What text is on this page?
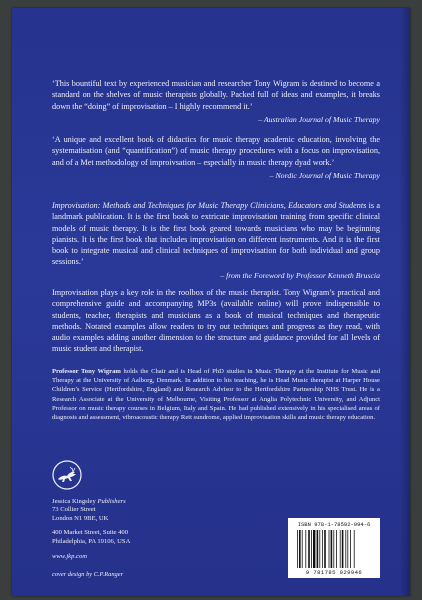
‘This bountiful text by experienced musician and researcher Tony Wigram is destined to become a standard on the shelves of music therapists globally. Packed full of ideas and examples, it breaks down the “doing” of improvisation – I highly recommend it.’
– Australian Journal of Music Therapy
‘A unique and excellent book of didactics for music therapy academic education, involving the systematisation (and “quantification”) of music therapy procedures with a focus on improvisation, and of a Met methodology of improivsation – especially in music therapy dyad work.’
– Nordic Journal of Music Therapy
Improvisation: Methods and Techniques for Music Therapy Clinicians, Educators and Students is a landmark publication. It is the first book to extricate improvisation training from specific clinical models of music therapy. It is the first book geared towards musicians who may be beginning pianists. It is the first book that includes improvisation on different instruments. And it is the first book to integrate musical and clinical techniques of improvisation for both individual and group sessions.’
– from the Foreword by Professor Kenneth Bruscia
Improvisation plays a key role in the roolbox of the music therapist. Tony Wigram’s practical and comprehensive guide and accompanying MP3s (available online) will prove indispensible to students, teacher, therapists and musicians as a book of musical techniques and therapeutic methods. Notated examples allow readers to try out techniques and progress as they read, with audio examples adding another dimension to the structure and guidance provided for all levels of music student and therapist.
Professor Tony Wigram holds the Chair and is Head of PhD studies in Music Therapy at the Institute for Music and Therapy at the University of Aalborg, Denmark. In addition to his teaching, he is Head Music therapist at Harper House Children’s Service (Hertfordshire, England) and Research Advisor to the Hertfordshire Partnership NHS Trust. He is a Research Associate at the University of Melbourne, Visiting Professor at Anglia Polytechnic University, and Adjunct Professor on music therapy courses in Belgium, Italy and Spain. He had published extensively in his specialised areas of diagnosis and assessment, vibroacoustic therapy Rett sundrome, applied improvisation skills and music therapy education.
Jessica Kingsley Publishers
73 Collier Street
London N1 9BE, UK
400 Market Street, Suite 400
Philadelphia, PA 19106, USA
www.jkp.com
cover design by C.P.Ranger
ISBN 978-1-78592-994-6
9 781785 929946
